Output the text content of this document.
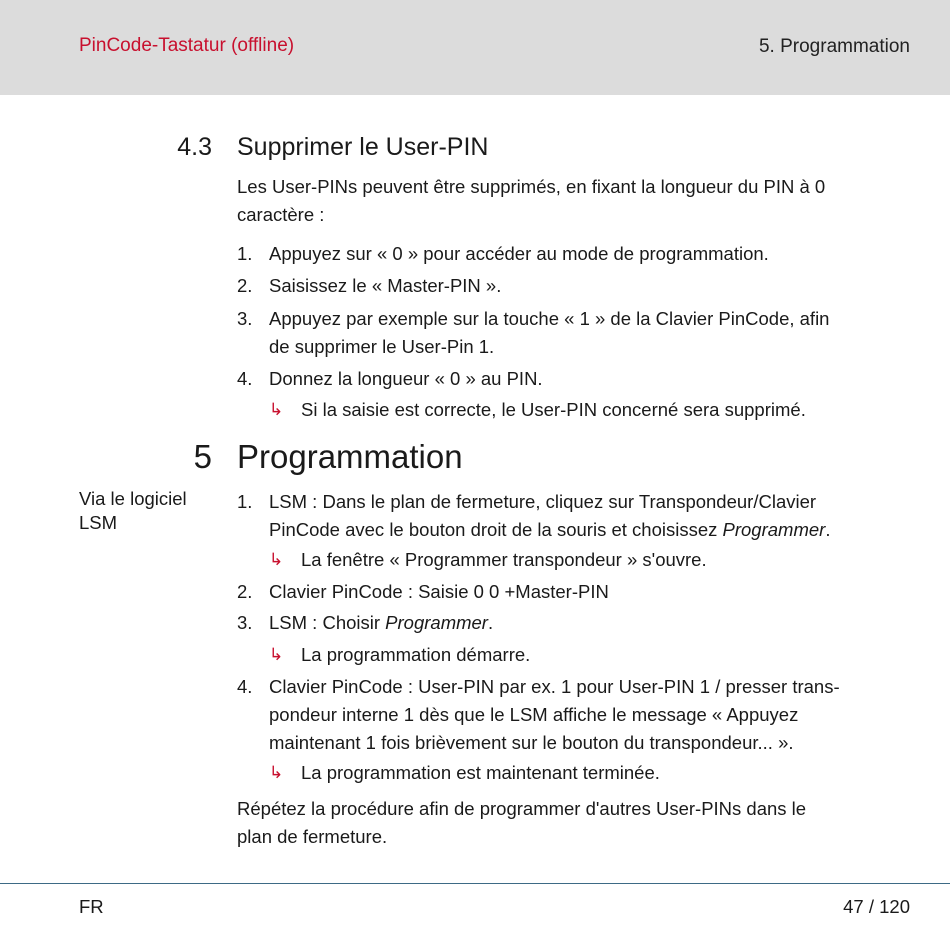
PinCode-Tastatur (offline)	5. Programmation
4.3 Supprimer le User-PIN
Les User-PINs peuvent être supprimés, en fixant la longueur du PIN à 0
caractère :
1. Appuyez sur « 0 » pour accéder au mode de programmation.
2. Saisissez le « Master-PIN ».
3. Appuyez par exemple sur la touche « 1 » de la Clavier PinCode, afin
de supprimer le User-Pin 1.
4. Donnez la longueur « 0 » au PIN.
↳ Si la saisie est correcte, le User-PIN concerné sera supprimé.
5 Programmation
Via le logiciel
LSM
1. LSM : Dans le plan de fermeture, cliquez sur Transpondeur/Clavier
PinCode avec le bouton droit de la souris et choisissez Programmer.
↳ La fenêtre « Programmer transpondeur » s'ouvre.
2. Clavier PinCode : Saisie 0 0 +Master-PIN
3. LSM : Choisir Programmer.
↳ La programmation démarre.
4. Clavier PinCode : User-PIN par ex. 1 pour User-PIN 1 / presser trans-
pondeur interne 1 dès que le LSM affiche le message « Appuyez
maintenant 1 fois brièvement sur le bouton du transpondeur... ».
↳ La programmation est maintenant terminée.
Répétez la procédure afin de programmer d'autres User-PINs dans le
plan de fermeture.
FR	47 / 120
